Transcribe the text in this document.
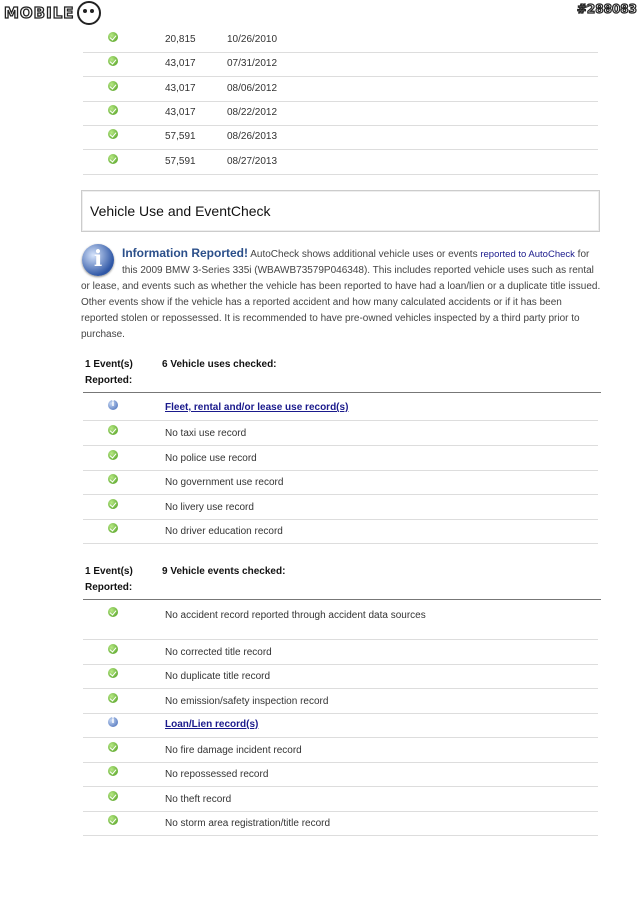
MOBILE	#288083
20,815	10/26/2010
43,017	07/31/2012
43,017	08/06/2012
43,017	08/22/2012
57,591	08/26/2013
57,591	08/27/2013
Vehicle Use and EventCheck
i
Information Reported! AutoCheck shows additional vehicle uses or events reported to AutoCheck for this 2009 BMW 3-Series 335i (WBAWB73579P046348). This includes reported vehicle uses such as rental or lease, and events such as whether the vehicle has been reported to have had a loan/lien or a duplicate title issued. Other events show if the vehicle has a reported accident and how many calculated accidents or if it has been reported stolen or repossessed. It is recommended to have pre-owned vehicles inspected by a third party prior to purchase.
1 Event(s)
Reported:
6 Vehicle uses checked:
i
Fleet, rental and/or lease use record(s)
No taxi use record
No police use record
No government use record
No livery use record
No driver education record
1 Event(s)
Reported:
9 Vehicle events checked:
No accident record reported through accident data sources
No corrected title record
No duplicate title record
No emission/safety inspection record
i
Loan/Lien record(s)
No fire damage incident record
No repossessed record
No theft record
No storm area registration/title record
